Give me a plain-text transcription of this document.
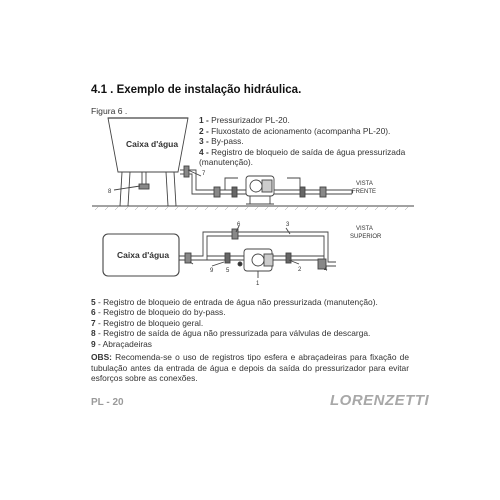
4.1 . Exemplo de instalação hidráulica.
Figura 6 .
1 - Pressurizador PL-20.
2 - Fluxostato de acionamento (acompanha PL-20).
3 - By-pass.
4 - Registro de bloqueio de saída de água pressurizada
(manutenção).
Caixa d'água
Caixa d'água
VISTA
FRENTE
VISTA
SUPERIOR
1
2
3
4
5
6
7
8
9
5 - Registro de bloqueio de entrada de água não pressurizada (manutenção).
6 - Registro de bloqueio do by-pass.
7 - Registro de bloqueio geral.
8 - Registro de saída de água não pressurizada para válvulas de descarga.
9 - Abraçadeiras
OBS: Recomenda-se o uso de registros tipo esfera e abraçadeiras para fixação de tubulação antes da entrada de água e depois da saída do pressurizador para evitar esforços sobre as conexões.
PL - 20	LORENZETTI
